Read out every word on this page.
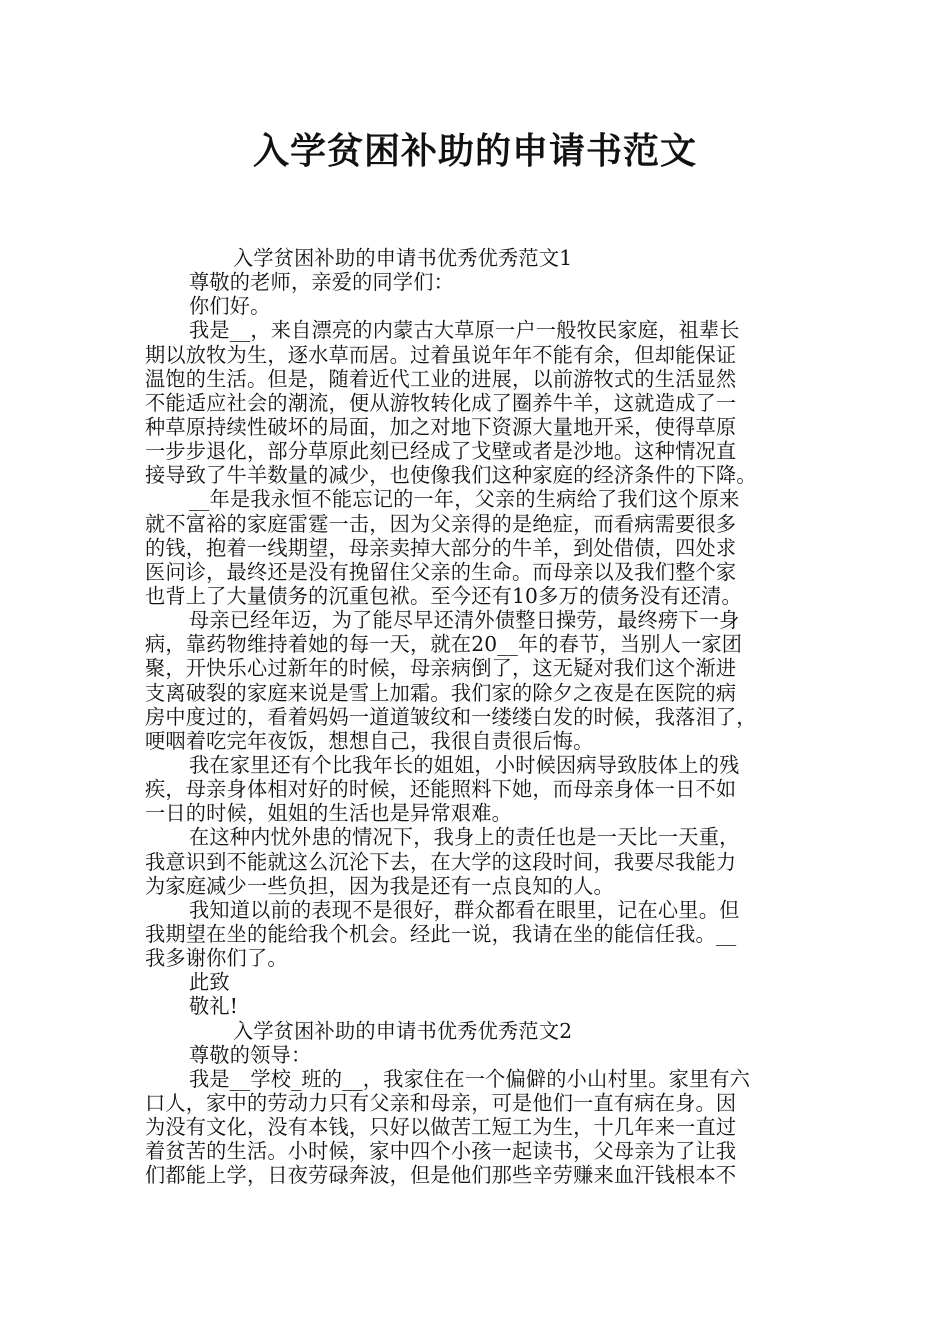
入学贫困补助的申请书范文
入学贫困补助的申请书优秀优秀范文1
尊敬的老师，亲爱的同学们：
你们好。
我是__，来自漂亮的内蒙古大草原一户一般牧民家庭，祖辈长
期以放牧为生，逐水草而居。过着虽说年年不能有余，但却能保证
温饱的生活。但是，随着近代工业的进展，以前游牧式的生活显然
不能适应社会的潮流，便从游牧转化成了圈养牛羊，这就造成了一
种草原持续性破坏的局面，加之对地下资源大量地开采，使得草原
一步步退化，部分草原此刻已经成了戈壁或者是沙地。这种情况直
接导致了牛羊数量的减少，也使像我们这种家庭的经济条件的下降。
__年是我永恒不能忘记的一年，父亲的生病给了我们这个原来
就不富裕的家庭雷霆一击，因为父亲得的是绝症，而看病需要很多
的钱，抱着一线期望，母亲卖掉大部分的牛羊，到处借债，四处求
医问诊，最终还是没有挽留住父亲的生命。而母亲以及我们整个家
也背上了大量债务的沉重包袱。至今还有10多万的债务没有还清。
母亲已经年迈，为了能尽早还清外债整日操劳，最终痨下一身
病，靠药物维持着她的每一天，就在20__年的春节，当别人一家团
聚，开快乐心过新年的时候，母亲病倒了，这无疑对我们这个渐进
支离破裂的家庭来说是雪上加霜。我们家的除夕之夜是在医院的病
房中度过的，看着妈妈一道道皱纹和一缕缕白发的时候，我落泪了，
哽咽着吃完年夜饭，想想自己，我很自责很后悔。
我在家里还有个比我年长的姐姐，小时候因病导致肢体上的残
疾，母亲身体相对好的时候，还能照料下她，而母亲身体一日不如
一日的时候，姐姐的生活也是异常艰难。
在这种内忧外患的情况下，我身上的责任也是一天比一天重，
我意识到不能就这么沉沦下去，在大学的这段时间，我要尽我能力
为家庭减少一些负担，因为我是还有一点良知的人。
我知道以前的表现不是很好，群众都看在眼里，记在心里。但
我期望在坐的能给我个机会。经此一说，我请在坐的能信任我。__
我多谢你们了。
此致
敬礼!
入学贫困补助的申请书优秀优秀范文2
尊敬的领导：
我是__学校_班的__，我家住在一个偏僻的小山村里。家里有六
口人，家中的劳动力只有父亲和母亲，可是他们一直有病在身。因
为没有文化，没有本钱，只好以做苦工短工为生，十几年来一直过
着贫苦的生活。小时候，家中四个小孩一起读书，父母亲为了让我
们都能上学，日夜劳碌奔波，但是他们那些辛劳赚来血汗钱根本不
